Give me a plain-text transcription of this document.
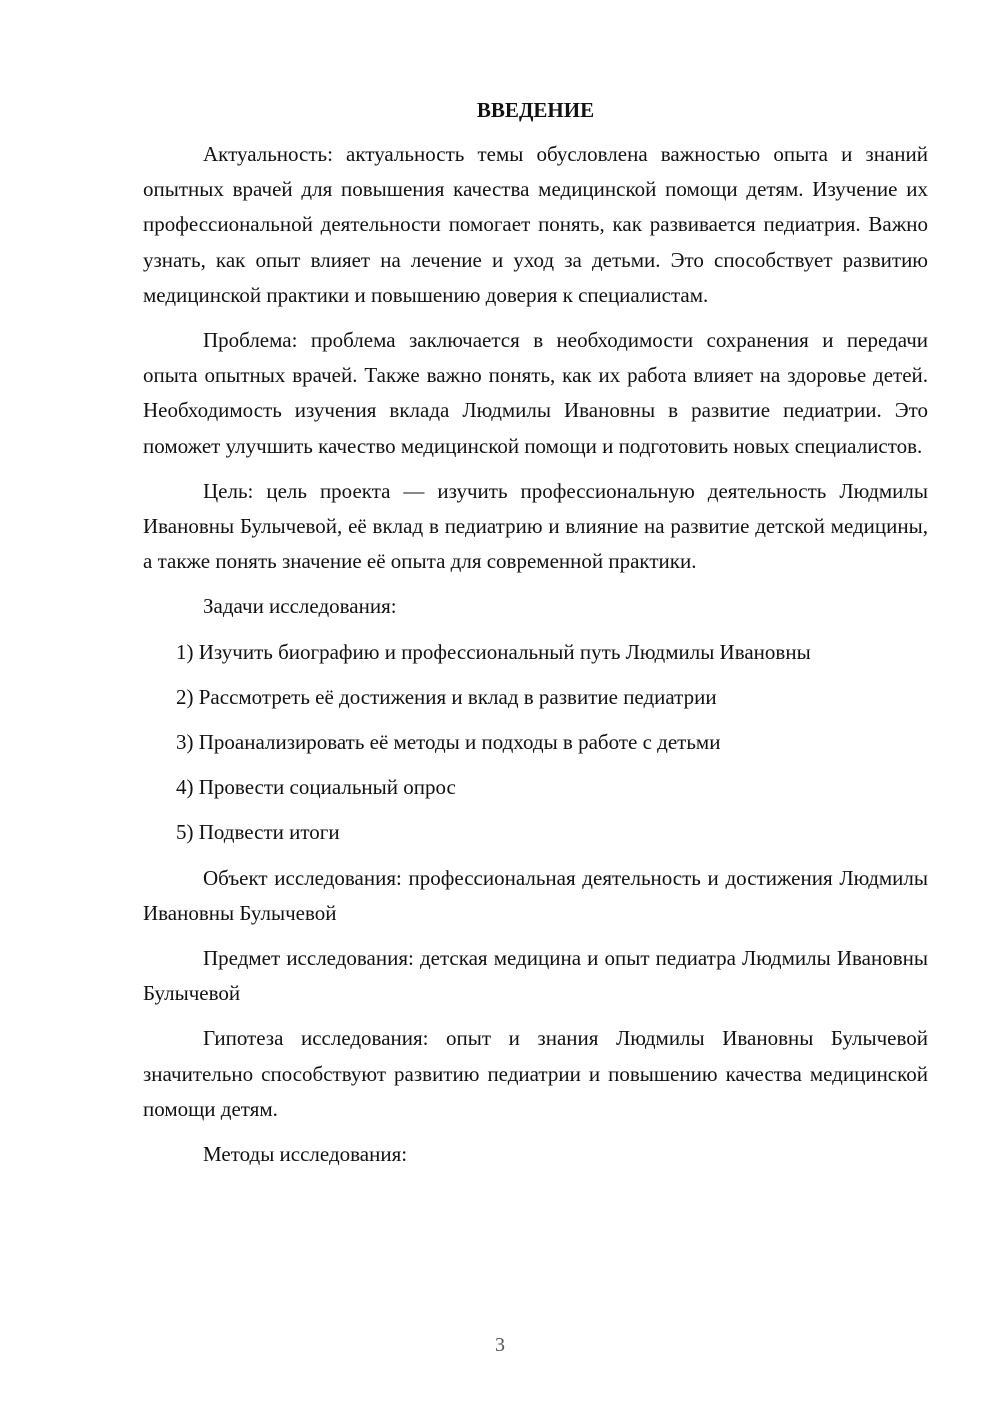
ВВЕДЕНИЕ

Актуальность: актуальность темы обусловлена важностью опыта и знаний опытных врачей для повышения качества медицинской помощи детям. Изучение их профессиональной деятельности помогает понять, как развивается педиатрия. Важно узнать, как опыт влияет на лечение и уход за детьми. Это способствует развитию медицинской практики и повышению доверия к специалистам.

Проблема: проблема заключается в необходимости сохранения и передачи опыта опытных врачей. Также важно понять, как их работа влияет на здоровье детей. Необходимость изучения вклада Людмилы Ивановны в развитие педиатрии. Это поможет улучшить качество медицинской помощи и подготовить новых специалистов.

Цель: цель проекта — изучить профессиональную деятельность Людмилы Ивановны Булычевой, её вклад в педиатрию и влияние на развитие детской медицины, а также понять значение её опыта для современной практики.

Задачи исследования:

1) Изучить биографию и профессиональный путь Людмилы Ивановны
2) Рассмотреть её достижения и вклад в развитие педиатрии
3) Проанализировать её методы и подходы в работе с детьми
4) Провести социальный опрос
5) Подвести итоги

Объект исследования: профессиональная деятельность и достижения Людмилы Ивановны Булычевой

Предмет исследования: детская медицина и опыт педиатра Людмилы Ивановны Булычевой

Гипотеза исследования: опыт и знания Людмилы Ивановны Булычевой значительно способствуют развитию педиатрии и повышению качества медицинской помощи детям.

Методы исследования:

3
